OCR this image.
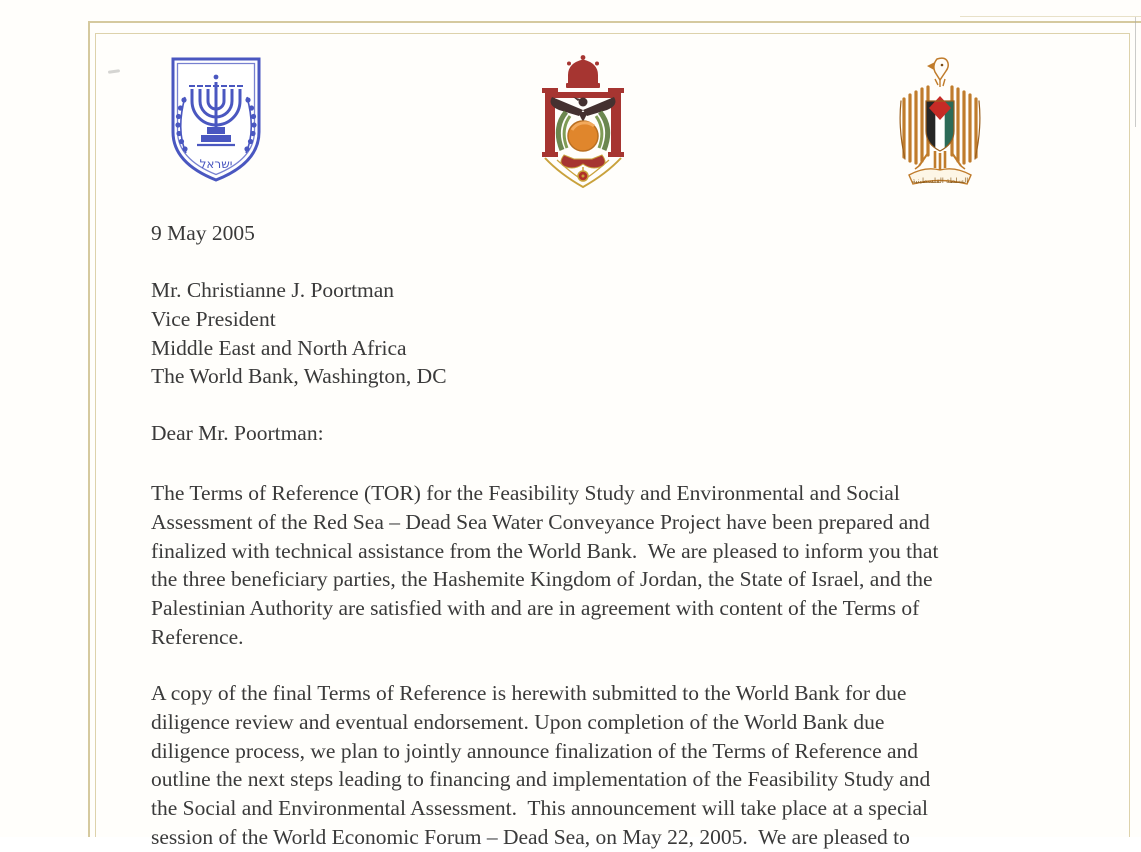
ישראל
السلطة الفلسطينية
9 May 2005
Mr. Christianne J. Poortman
Vice President
Middle East and North Africa
The World Bank, Washington, DC
Dear Mr. Poortman:
The Terms of Reference (TOR) for the Feasibility Study and Environmental and Social
Assessment of the Red Sea – Dead Sea Water Conveyance Project have been prepared and
finalized with technical assistance from the World Bank.  We are pleased to inform you that
the three beneficiary parties, the Hashemite Kingdom of Jordan, the State of Israel, and the
Palestinian Authority are satisfied with and are in agreement with content of the Terms of
Reference.
A copy of the final Terms of Reference is herewith submitted to the World Bank for due
diligence review and eventual endorsement. Upon completion of the World Bank due
diligence process, we plan to jointly announce finalization of the Terms of Reference and
outline the next steps leading to financing and implementation of the Feasibility Study and
the Social and Environmental Assessment.  This announcement will take place at a special
session of the World Economic Forum – Dead Sea, on May 22, 2005.  We are pleased to
